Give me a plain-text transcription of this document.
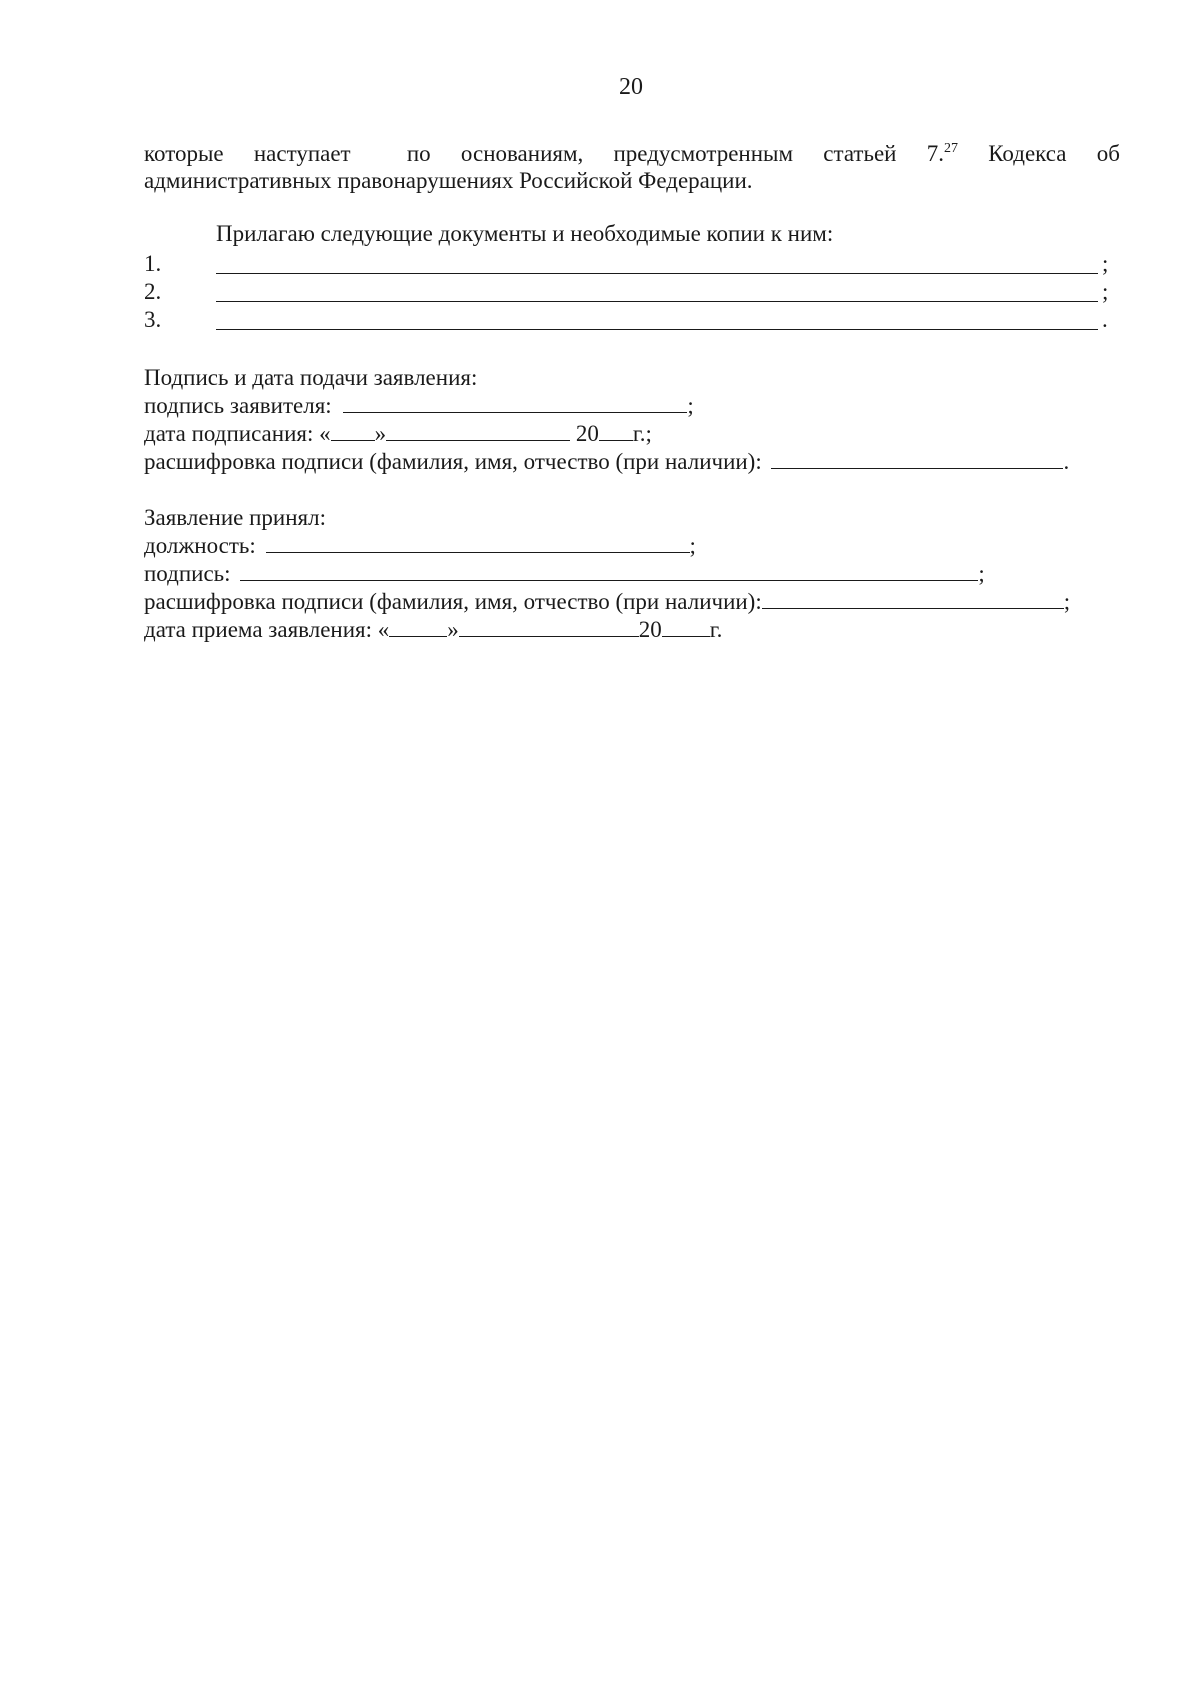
20
которые наступает по основаниям, предусмотренным статьей 7.27 Кодекса об
административных правонарушениях Российской Федерации.
Прилагаю следующие документы и необходимые копии к ним:
1.	;
2.	;
3.	.
Подпись и дата подачи заявления:
подпись заявителя:	;
дата подписания: « »	20 г.;
расшифровка подписи (фамилия, имя, отчество (при наличии):	.
Заявление принял:
должность:	;
подпись:	;
расшифровка подписи (фамилия, имя, отчество (при наличии):	;
дата приема заявления: «	»	20 г.
